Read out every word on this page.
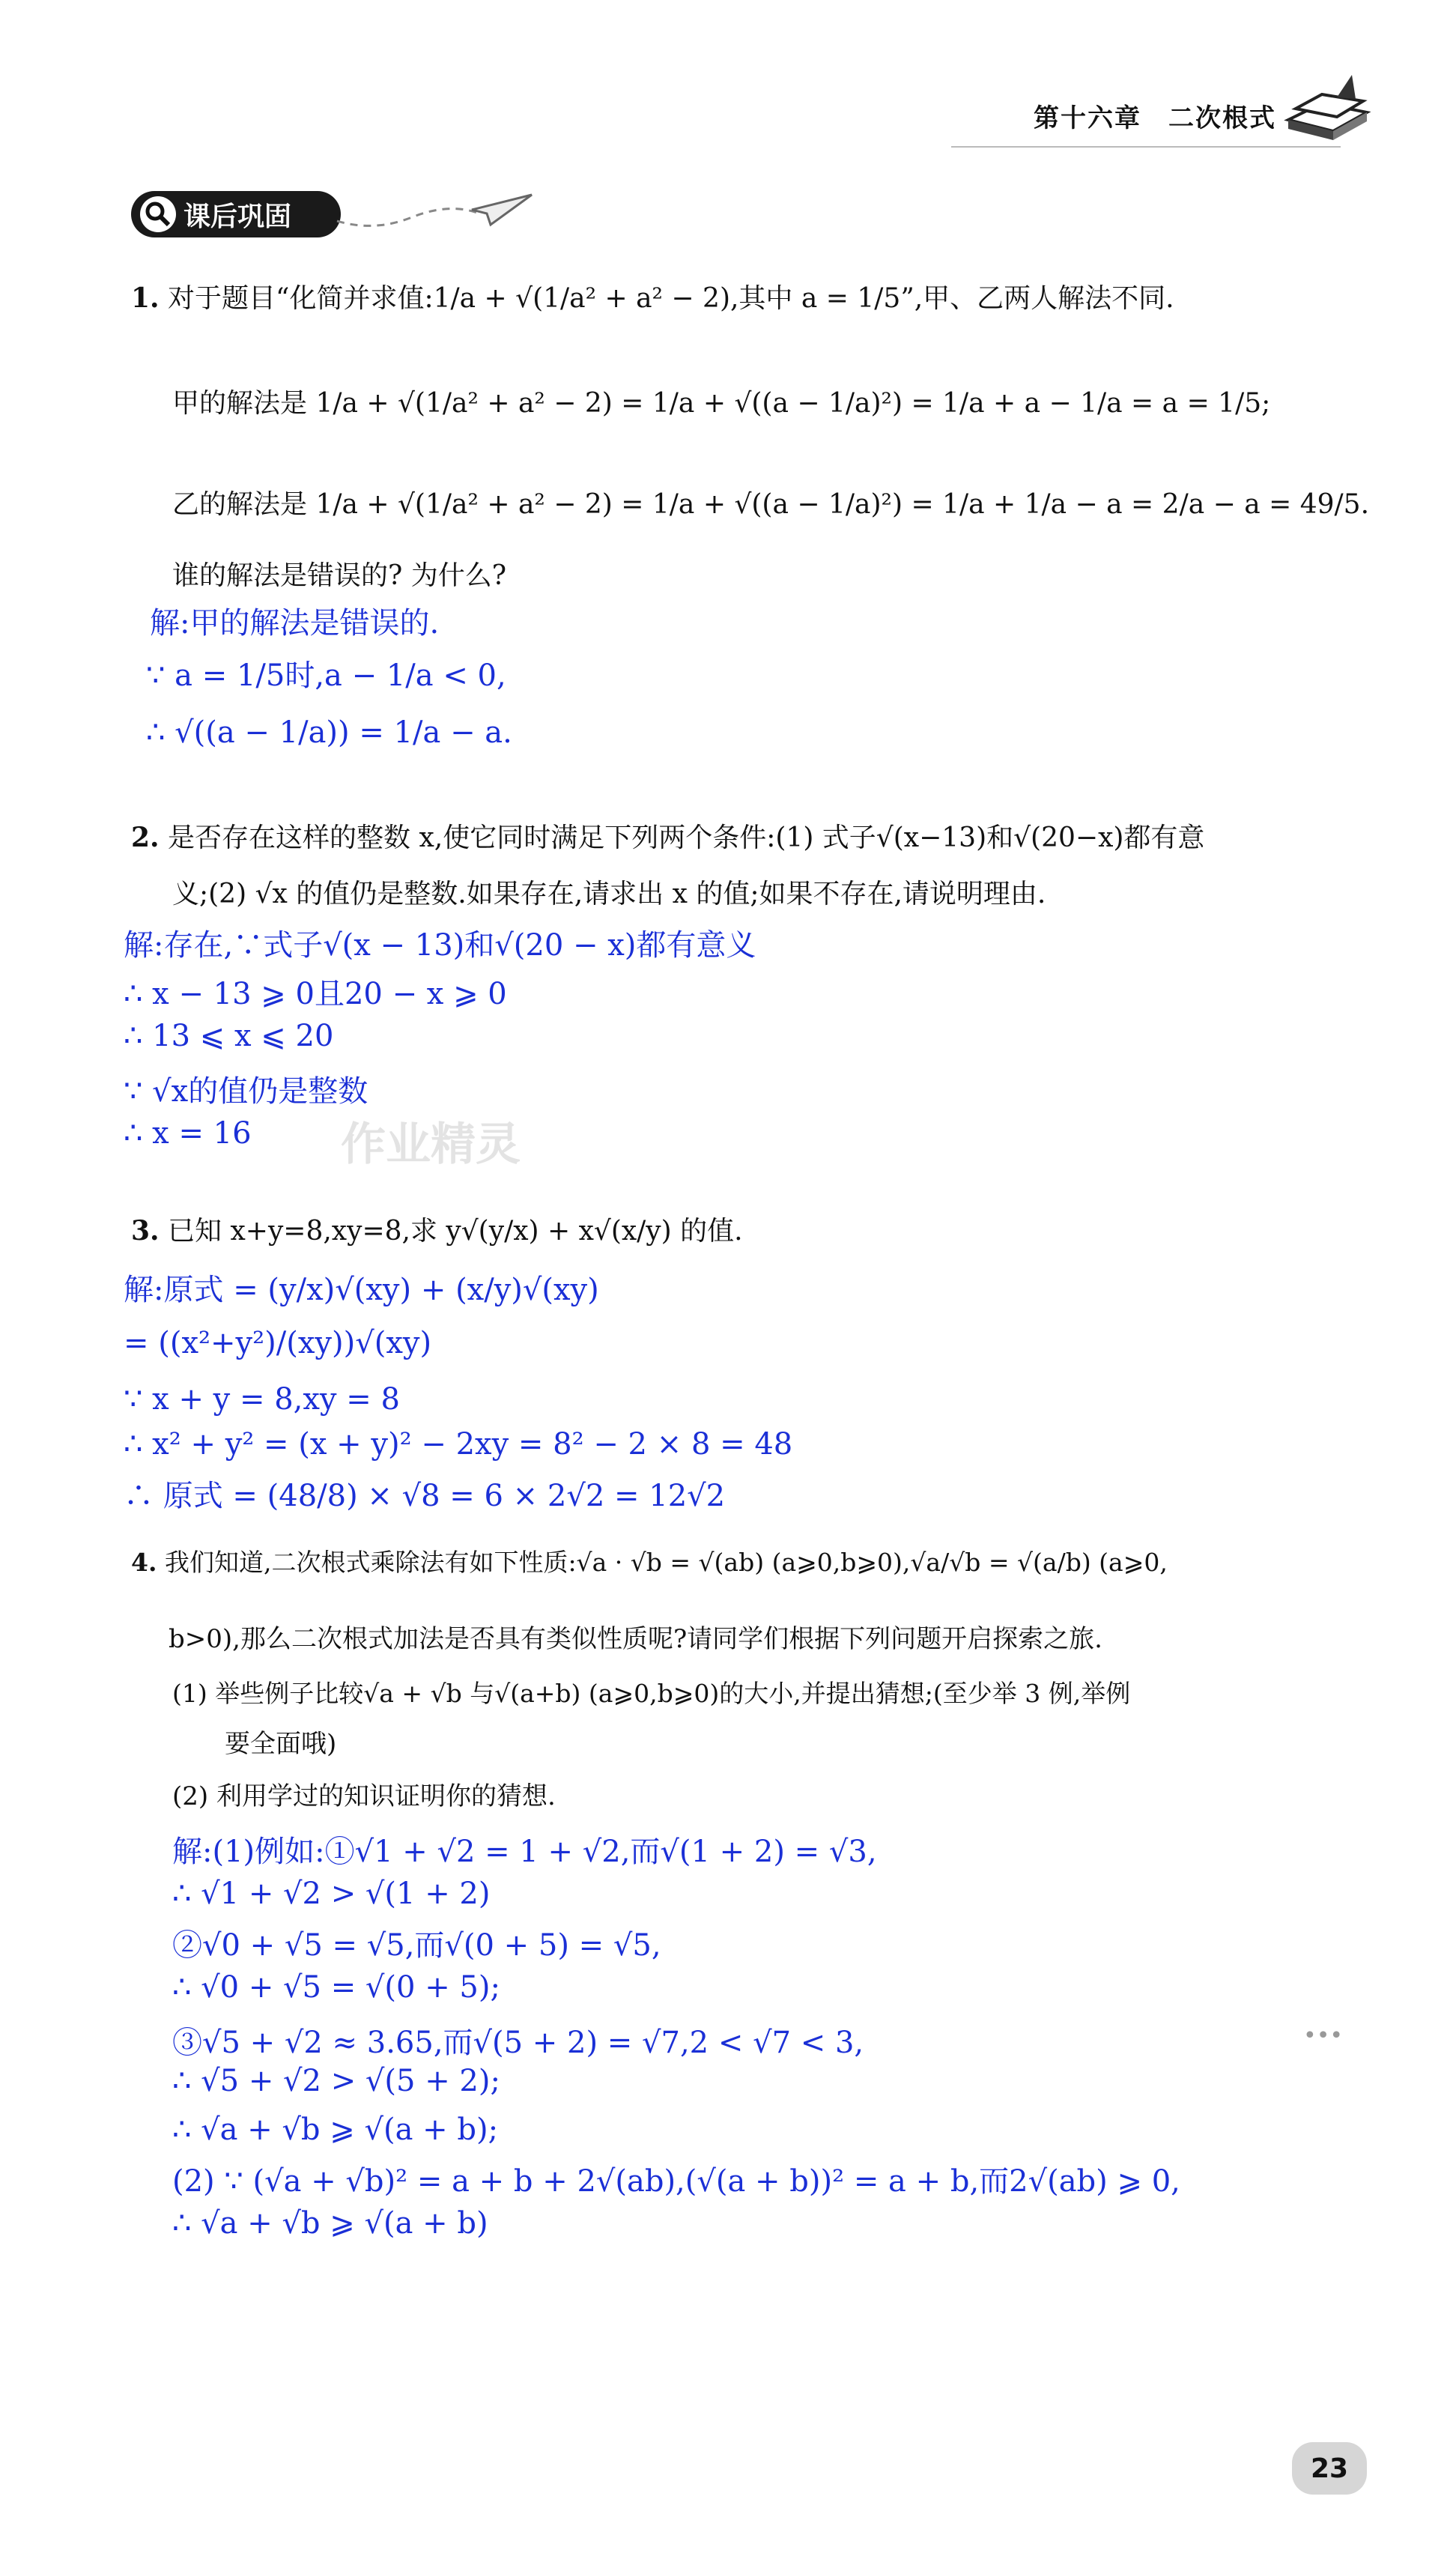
第十六章　二次根式
课后巩固
1. 对于题目“化简并求值:1/a + √(1/a² + a² − 2),其中 a = 1/5”,甲、乙两人解法不同.
甲的解法是 1/a + √(1/a² + a² − 2) = 1/a + √((a − 1/a)²) = 1/a + a − 1/a = a = 1/5;
乙的解法是 1/a + √(1/a² + a² − 2) = 1/a + √((a − 1/a)²) = 1/a + 1/a − a = 2/a − a = 49/5.
谁的解法是错误的? 为什么?
解:甲的解法是错误的.
∵ a = 1/5时,a − 1/a < 0,
∴ √((a − 1/a)) = 1/a − a.
2. 是否存在这样的整数 x,使它同时满足下列两个条件:(1) 式子√(x−13)和√(20−x)都有意
义;(2) √x 的值仍是整数.如果存在,请求出 x 的值;如果不存在,请说明理由.
解:存在,∵式子√(x − 13)和√(20 − x)都有意义
∴ x − 13 ⩾ 0且20 − x ⩾ 0
∴ 13 ⩽ x ⩽ 20
∵ √x的值仍是整数
∴ x = 16 作业精灵
3. 已知 x+y=8,xy=8,求 y√(y/x) + x√(x/y) 的值.
解:原式 = (y/x)√(xy) + (x/y)√(xy)
= ((x²+y²)/(xy))√(xy)
∵ x + y = 8,xy = 8
∴ x² + y² = (x + y)² − 2xy = 8² − 2 × 8 = 48
∴ 原式 = (48/8) × √8 = 6 × 2√2 = 12√2
4. 我们知道,二次根式乘除法有如下性质:√a · √b = √(ab) (a⩾0,b⩾0),√a/√b = √(a/b) (a⩾0,
b>0),那么二次根式加法是否具有类似性质呢?请同学们根据下列问题开启探索之旅.
(1) 举些例子比较√a + √b 与√(a+b) (a⩾0,b⩾0)的大小,并提出猜想;(至少举 3 例,举例
要全面哦)
(2) 利用学过的知识证明你的猜想.
解:(1)例如:①√1 + √2 = 1 + √2,而√(1 + 2) = √3,
∴ √1 + √2 > √(1 + 2)
②√0 + √5 = √5,而√(0 + 5) = √5,
∴ √0 + √5 = √(0 + 5);
③√5 + √2 ≈ 3.65,而√(5 + 2) = √7,2 < √7 < 3,
∴ √5 + √2 > √(5 + 2);
∴ √a + √b ⩾ √(a + b);
(2) ∵ (√a + √b)² = a + b + 2√(ab),(√(a + b))² = a + b,而2√(ab) ⩾ 0,
∴ √a + √b ⩾ √(a + b)
•••
23
